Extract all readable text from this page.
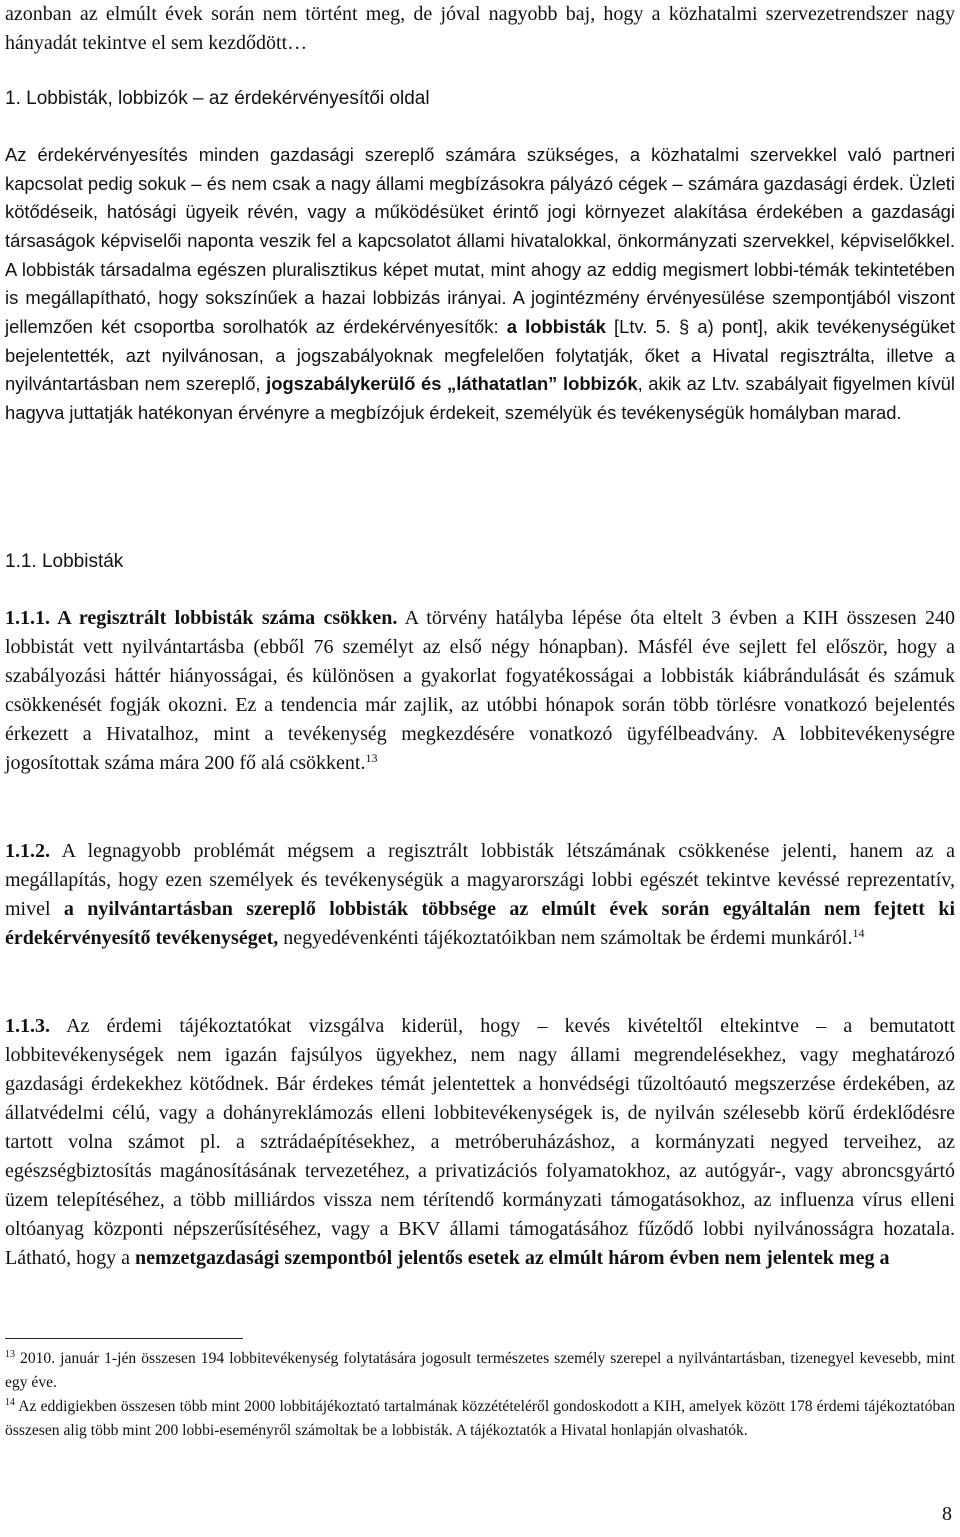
azonban az elmúlt évek során nem történt meg, de jóval nagyobb baj, hogy a közhatalmi szervezetrendszer nagy hányadát tekintve el sem kezdődött…

1. Lobbisták, lobbizók – az érdekérvényesítői oldal

Az érdekérvényesítés minden gazdasági szereplő számára szükséges, a közhatalmi szervekkel való partneri kapcsolat pedig sokuk – és nem csak a nagy állami megbízásokra pályázó cégek – számára gazdasági érdek. Üzleti kötődéseik, hatósági ügyeik révén, vagy a működésüket érintő jogi környezet alakítása érdekében a gazdasági társaságok képviselői naponta veszik fel a kapcsolatot állami hivatalokkal, önkormányzati szervekkel, képviselőkkel. A lobbisták társadalma egészen pluralisztikus képet mutat, mint ahogy az eddig megismert lobbi-témák tekintetében is megállapítható, hogy sokszínűek a hazai lobbizás irányai. A jogintézmény érvényesülése szempontjából viszont jellemzően két csoportba sorolhatók az érdekérvényesítők: a lobbisták [Ltv. 5. § a) pont], akik tevékenységüket bejelentették, azt nyilvánosan, a jogszabályoknak megfelelően folytatják, őket a Hivatal regisztrálta, illetve a nyilvántartásban nem szereplő, jogszabálykerülő és „láthatatlan” lobbizók, akik az Ltv. szabályait figyelmen kívül hagyva juttatják hatékonyan érvényre a megbízójuk érdekeit, személyük és tevékenységük homályban marad.

1.1. Lobbisták

1.1.1. A regisztrált lobbisták száma csökken. A törvény hatályba lépése óta eltelt 3 évben a KIH összesen 240 lobbistát vett nyilvántartásba (ebből 76 személyt az első négy hónapban). Másfél éve sejlett fel először, hogy a szabályozási háttér hiányosságai, és különösen a gyakorlat fogyatékosságai a lobbisták kiábrándulását és számuk csökkenését fogják okozni. Ez a tendencia már zajlik, az utóbbi hónapok során több törlésre vonatkozó bejelentés érkezett a Hivatalhoz, mint a tevékenység megkezdésére vonatkozó ügyfélbeadvány. A lobbitevékenységre jogosítottak száma mára 200 fő alá csökkent.$^{13}$

1.1.2. A legnagyobb problémát mégsem a regisztrált lobbisták létszámának csökkenése jelenti, hanem az a megállapítás, hogy ezen személyek és tevékenységük a magyarországi lobbi egészét tekintve kevéssé reprezentatív, mivel a nyilvántartásban szereplő lobbisták többsége az elmúlt évek során egyáltalán nem fejtett ki érdekérvényesítő tevékenységet, negyedévenkénti tájékoztatóikban nem számoltak be érdemi munkáról.$^{14}$

1.1.3. Az érdemi tájékoztatókat vizsgálva kiderül, hogy – kevés kivételtől eltekintve – a bemutatott lobbitevékenységek nem igazán fajsúlyos ügyekhez, nem nagy állami megrendelésekhez, vagy meghatározó gazdasági érdekekhez kötődnek. Bár érdekes témát jelentettek a honvédségi tűzoltóautó megszerzése érdekében, az állatvédelmi célú, vagy a dohányreklámozás elleni lobbitevékenységek is, de nyilván szélesebb körű érdeklődésre tartott volna számot pl. a sztrádaépítésekhez, a metróberuházáshoz, a kormányzati negyed terveihez, az egészségbiztosítás magánosításának tervezetéhez, a privatizációs folyamatokhoz, az autógyár-, vagy abroncsgyártó üzem telepítéséhez, a több milliárdos vissza nem térítendő kormányzati támogatásokhoz, az influenza vírus elleni oltóanyag központi népszerűsítéséhez, vagy a BKV állami támogatásához fűződő lobbi nyilvánosságra hozatala. Látható, hogy a nemzetgazdasági szempontból jelentős esetek az elmúlt három évben nem jelentek meg a

$^{13}$ 2010. január 1-jén összesen 194 lobbitevékenység folytatására jogosult természetes személy szerepel a nyilvántartásban, tizenegyel kevesebb, mint egy éve.

$^{14}$ Az eddigiekben összesen több mint 2000 lobbitájékoztató tartalmának közzétételéről gondoskodott a KIH, amelyek között 178 érdemi tájékoztatóban összesen alig több mint 200 lobbi-eseményről számoltak be a lobbisták. A tájékoztatók a Hivatal honlapján olvashatók.

8
